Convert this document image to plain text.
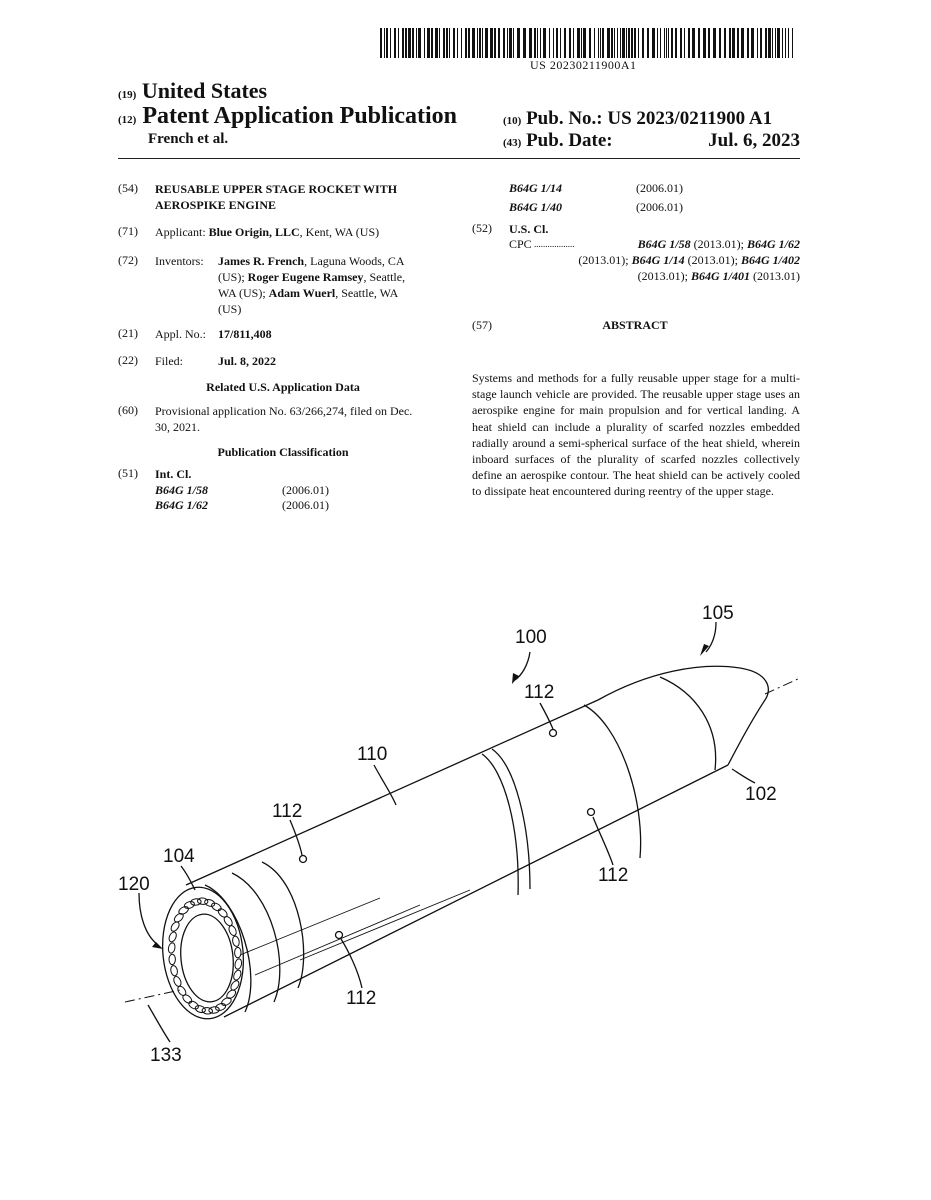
US 20230211900A1
(19) United States
(12) Patent Application Publication
French et al.
(10) Pub. No.: US 2023/0211900 A1
(43) Pub. Date:	Jul. 6, 2023
(54) REUSABLE UPPER STAGE ROCKET WITH
AEROSPIKE ENGINE
(71) Applicant: Blue Origin, LLC, Kent, WA (US)
(72) Inventors: James R. French, Laguna Woods, CA
(US); Roger Eugene Ramsey, Seattle,
WA (US); Adam Wuerl, Seattle, WA
(US)
(21) Appl. No.: 17/811,408
(22) Filed:	Jul. 8, 2022
Related U.S. Application Data
(60) Provisional application No. 63/266,274, filed on Dec.
30, 2021.
Publication Classification
(51) Int. Cl.
B64G 1/58	(2006.01)
B64G 1/62	(2006.01)
B64G 1/14	(2006.01)
B64G 1/40	(2006.01)
(52) U.S. Cl.
CPC ..................	B64G 1/58 (2013.01); B64G 1/62
(2013.01); B64G 1/14 (2013.01); B64G 1/402
(2013.01); B64G 1/401 (2013.01)
(57)	ABSTRACT
Systems and methods for a fully reusable upper stage for a multi-stage launch vehicle are provided. The reusable upper stage uses an aerospike engine for main propulsion and for vertical landing. A heat shield can include a plurality of scarfed nozzles embedded radially around a semi-spherical surface of the heat shield, wherein inboard surfaces of the plurality of scarfed nozzles collectively define an aerospike contour. The heat shield can be actively cooled to dissipate heat encountered during reentry of the upper stage.
105
100
112
110
102
112
112
104
120
112
133
